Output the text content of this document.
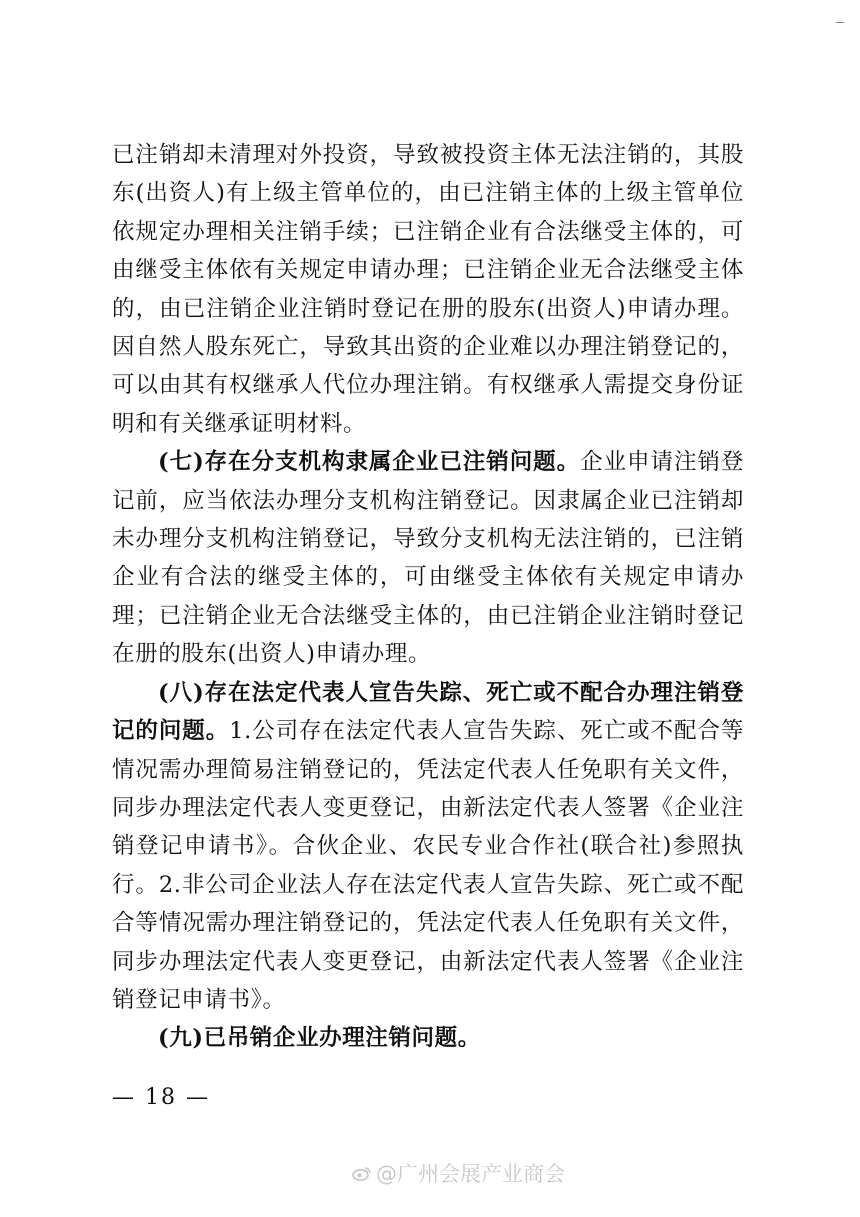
已注销却未清理对外投资，导致被投资主体无法注销的，其股东(出资人)有上级主管单位的，由已注销主体的上级主管单位依规定办理相关注销手续；已注销企业有合法继受主体的，可由继受主体依有关规定申请办理；已注销企业无合法继受主体的，由已注销企业注销时登记在册的股东(出资人)申请办理。因自然人股东死亡，导致其出资的企业难以办理注销登记的，可以由其有权继承人代位办理注销。有权继承人需提交身份证明和有关继承证明材料。

(七)存在分支机构隶属企业已注销问题。企业申请注销登记前，应当依法办理分支机构注销登记。因隶属企业已注销却未办理分支机构注销登记，导致分支机构无法注销的，已注销企业有合法的继受主体的，可由继受主体依有关规定申请办理；已注销企业无合法继受主体的，由已注销企业注销时登记在册的股东(出资人)申请办理。

(八)存在法定代表人宣告失踪、死亡或不配合办理注销登记的问题。1.公司存在法定代表人宣告失踪、死亡或不配合等情况需办理简易注销登记的，凭法定代表人任免职有关文件，同步办理法定代表人变更登记，由新法定代表人签署《企业注销登记申请书》。合伙企业、农民专业合作社(联合社)参照执行。2.非公司企业法人存在法定代表人宣告失踪、死亡或不配合等情况需办理注销登记的，凭法定代表人任免职有关文件，同步办理法定代表人变更登记，由新法定代表人签署《企业注销登记申请书》。

(九)已吊销企业办理注销问题。

— 18 —
@广州会展产业商会
